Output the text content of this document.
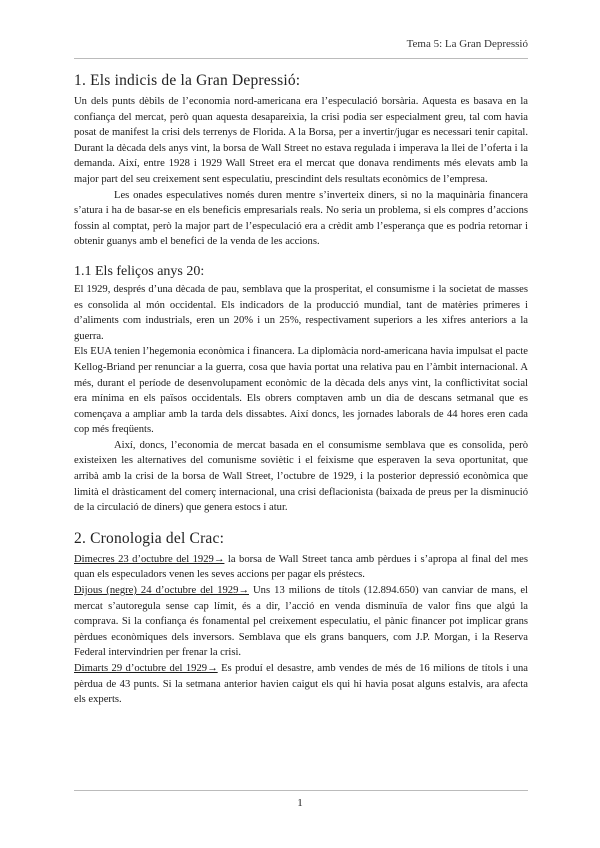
Tema 5: La Gran Depressió
1. Els indicis de la Gran Depressió:

Un dels punts dèbils de l’economia nord-americana era l’especulació borsària. Aquesta es basava en la confiança del mercat, però quan aquesta desapareixia, la crisi podia ser especialment greu, tal com havia posat de manifest la crisi dels terrenys de Florida. A la Borsa, per a invertir/jugar es necessari tenir capital. Durant la dècada dels anys vint, la borsa de Wall Street no estava regulada i imperava la llei de l’oferta i la demanda. Així, entre 1928 i 1929 Wall Street era el mercat que donava rendiments més elevats amb la major part del seu creixement sent especulatiu, prescindint dels resultats econòmics de l’empresa.

Les onades especulatives només duren mentre s’inverteix diners, si no la maquinària financera s’atura i ha de basar-se en els beneficis empresarials reals. No seria un problema, si els compres d’accions fossin al comptat, però la major part de l’especulació era a crèdit amb l’esperança que es podria retornar i obtenir guanys amb el benefici de la venda de les accions.

1.1 Els feliços anys 20:

El 1929, després d’una dècada de pau, semblava que la prosperitat, el consumisme i la societat de masses es consolida al món occidental. Els indicadors de la producció mundial, tant de matèries primeres i d’aliments com industrials, eren un 20% i un 25%, respectivament superiors a les xifres anteriors a la guerra.

Els EUA tenien l’hegemonia econòmica i financera. La diplomàcia nord-americana havia impulsat el pacte Kellog-Briand per renunciar a la guerra, cosa que havia portat una relativa pau en l’àmbit internacional. A més, durant el període de desenvolupament econòmic de la dècada dels anys vint, la conflictivitat social era mínima en els països occidentals. Els obrers comptaven amb un dia de descans setmanal que es començava a ampliar amb la tarda dels dissabtes. Així doncs, les jornades laborals de 44 hores eren cada cop més freqüents.

Així, doncs, l’economia de mercat basada en el consumisme semblava que es consolida, però existeixen les alternatives del comunisme soviètic i el feixisme que esperaven la seva oportunitat, que arribà amb la crisi de la borsa de Wall Street, l’octubre de 1929, i la posterior depressió econòmica que limità el dràsticament del comerç internacional, una crisi deflacionista (baixada de preus per la disminució de la circulació de diners) que genera estocs i atur.

2. Cronologia del Crac:

Dimecres 23 d’octubre del 1929→ la borsa de Wall Street tanca amb pèrdues i s’apropa al final del mes quan els especuladors venen les seves accions per pagar els préstecs.

Dijous (negre) 24 d’octubre del 1929→ Uns 13 milions de títols (12.894.650) van canviar de mans, el mercat s’autoregula sense cap límit, és a dir, l’acció en venda disminuïa de valor fins que algú la comprava. Si la confiança és fonamental pel creixement especulatiu, el pànic financer pot implicar grans pèrdues econòmiques dels inversors. Semblava que els grans banquers, com J.P. Morgan, i la Reserva Federal intervindrien per frenar la crisi.

Dimarts 29 d’octubre del 1929→ Es produí el desastre, amb vendes de més de 16 milions de títols i una pèrdua de 43 punts. Si la setmana anterior havien caigut els qui hi havia posat alguns estalvis, ara afecta els experts.

1
